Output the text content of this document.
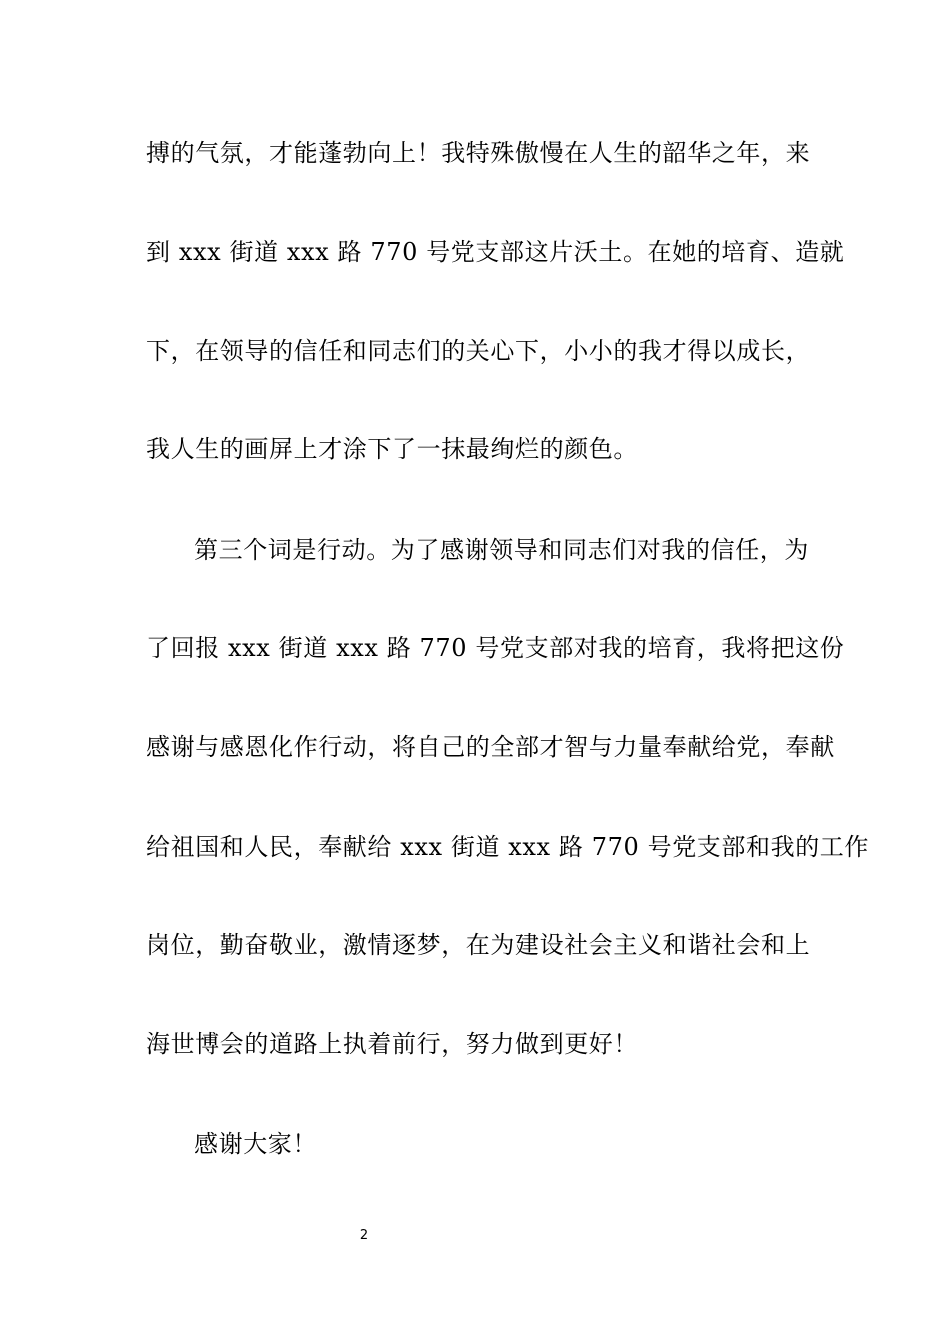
搏的气氛，才能蓬勃向上！我特殊傲慢在人生的韶华之年，来
到 xxx 街道 xxx 路 770 号党支部这片沃土。在她的培育、造就
下，在领导的信任和同志们的关心下，小小的我才得以成长，
我人生的画屏上才涂下了一抹最绚烂的颜色。
第三个词是行动。为了感谢领导和同志们对我的信任，为
了回报 xxx 街道 xxx 路 770 号党支部对我的培育，我将把这份
感谢与感恩化作行动，将自己的全部才智与力量奉献给党，奉献
给祖国和人民，奉献给 xxx 街道 xxx 路 770 号党支部和我的工作
岗位，勤奋敬业，激情逐梦，在为建设社会主义和谐社会和上
海世博会的道路上执着前行，努力做到更好！
感谢大家！
2
